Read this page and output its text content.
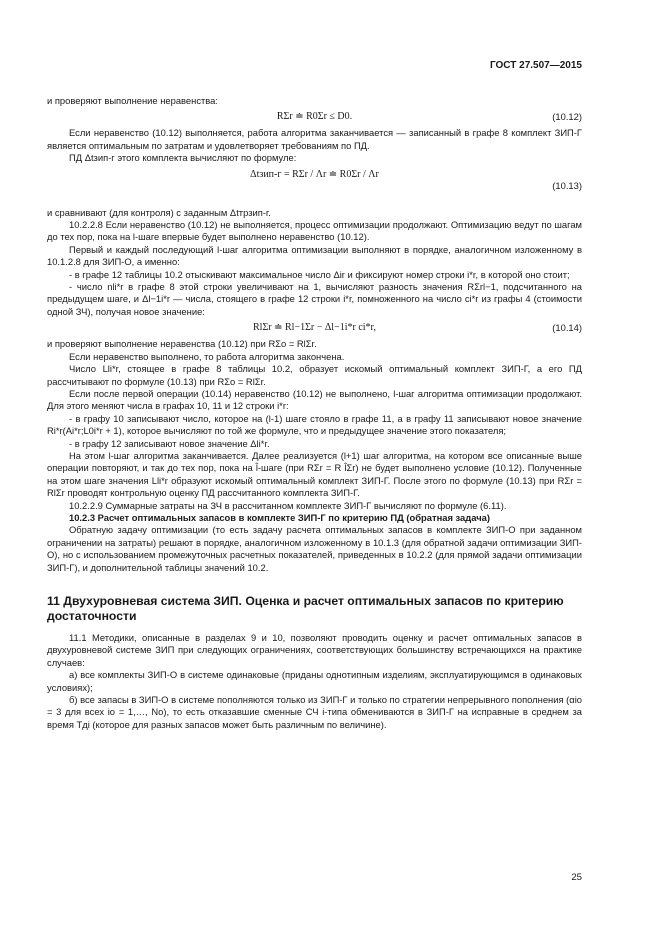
ГОСТ 27.507—2015

и проверяют выполнение неравенства:

RΣr ≐ R0Σr ≤ D0.	(10.12)

Если неравенство (10.12) выполняется, работа алгоритма заканчивается — записанный в графе 8 комплект ЗИП-Г является оптимальным по затратам и удовлетворяет требованиям по ПД.

ПД Δtзип-г этого комплекта вычисляют по формуле:

Δtзип-г = RΣr / Λr ≐ R0Σr / Λr
(10.13)

и сравнивают (для контроля) с заданным Δtтрзип-г.

10.2.2.8 Если неравенство (10.12) не выполняется, процесс оптимизации продолжают. Оптимизацию ведут по шагам до тех пор, пока на l-шаге впервые будет выполнено неравенство (10.12).

Первый и каждый последующий l-шаг алгоритма оптимизации выполняют в порядке, аналогичном изложенному в 10.1.2.8 для ЗИП-О, а именно:

- в графе 12 таблицы 10.2 отыскивают максимальное число Δir и фиксируют номер строки i*r, в которой оно стоит;

- число nli*r в графе 8 этой строки увеличивают на 1, вычисляют разность значения RΣrl−1, подсчитанного на предыдущем шаге, и Δl−1i*r — числа, стоящего в графе 12 строки i*r, помноженного на число ci*r из графы 4 (стоимости одной ЗЧ), получая новое значение:

RlΣr ≐ Rl−1Σr − Δl−1i*r ci*r,	(10.14)

и проверяют выполнение неравенства (10.12) при RΣо = RlΣr.

Если неравенство выполнено, то работа алгоритма закончена.

Число Lli*r, стоящее в графе 8 таблицы 10.2, образует искомый оптимальный комплект ЗИП-Г, а его ПД рассчитывают по формуле (10.13) при RΣо = RlΣr.

Если после первой операции (10.14) неравенство (10.12) не выполнено, l-шаг алгоритма оптимизации продолжают. Для этого меняют числа в графах 10, 11 и 12 строки i*r:

- в графу 10 записывают число, которое на (l-1) шаге стояло в графе 11, а в графу 11 записывают новое значение Ri*r(Ai*r;L0i*r + 1), которое вычисляют по той же формуле, что и предыдущее значение этого показателя;

- в графу 12 записывают новое значение Δli*r.

На этом l-шаг алгоритма заканчивается. Далее реализуется (l+1) шаг алгоритма, на котором все описанные выше операции повторяют, и так до тех пор, пока на l̂-шаге (при RΣr = R l̂Σr) не будет выполнено условие (10.12). Полученные на этом шаге значения Lli*r образуют искомый оптимальный комплект ЗИП-Г. После этого по формуле (10.13) при RΣr = RlΣr проводят контрольную оценку ПД рассчитанного комплекта ЗИП-Г.

10.2.2.9 Суммарные затраты на ЗЧ в рассчитанном комплекте ЗИП-Г вычисляют по формуле (6.11).

10.2.3 Расчет оптимальных запасов в комплекте ЗИП-Г по критерию ПД (обратная задача)

Обратную задачу оптимизации (то есть задачу расчета оптимальных запасов в комплекте ЗИП-О при заданном ограничении на затраты) решают в порядке, аналогичном изложенному в 10.1.3 (для обратной задачи оптимизации ЗИП-О), но с использованием промежуточных расчетных показателей, приведенных в 10.2.2 (для прямой задачи оптимизации ЗИП-Г), и дополнительной таблицы значений 10.2.

11 Двухуровневая система ЗИП. Оценка и расчет оптимальных запасов по критерию достаточности

11.1 Методики, описанные в разделах 9 и 10, позволяют проводить оценку и расчет оптимальных запасов в двухуровневой системе ЗИП при следующих ограничениях, соответствующих большинству встречающихся на практике случаев:

а) все комплекты ЗИП-О в системе одинаковые (приданы однотипным изделиям, эксплуатирующимся в одинаковых условиях);

б) все запасы в ЗИП-О в системе пополняются только из ЗИП-Г и только по стратегии непрерывного пополнения (αio = 3 для всех io = 1,…, No), то есть отказавшие сменные СЧ i-типа обмениваются в ЗИП-Г на исправные в среднем за время Tдi (которое для разных запасов может быть различным по величине).

25
